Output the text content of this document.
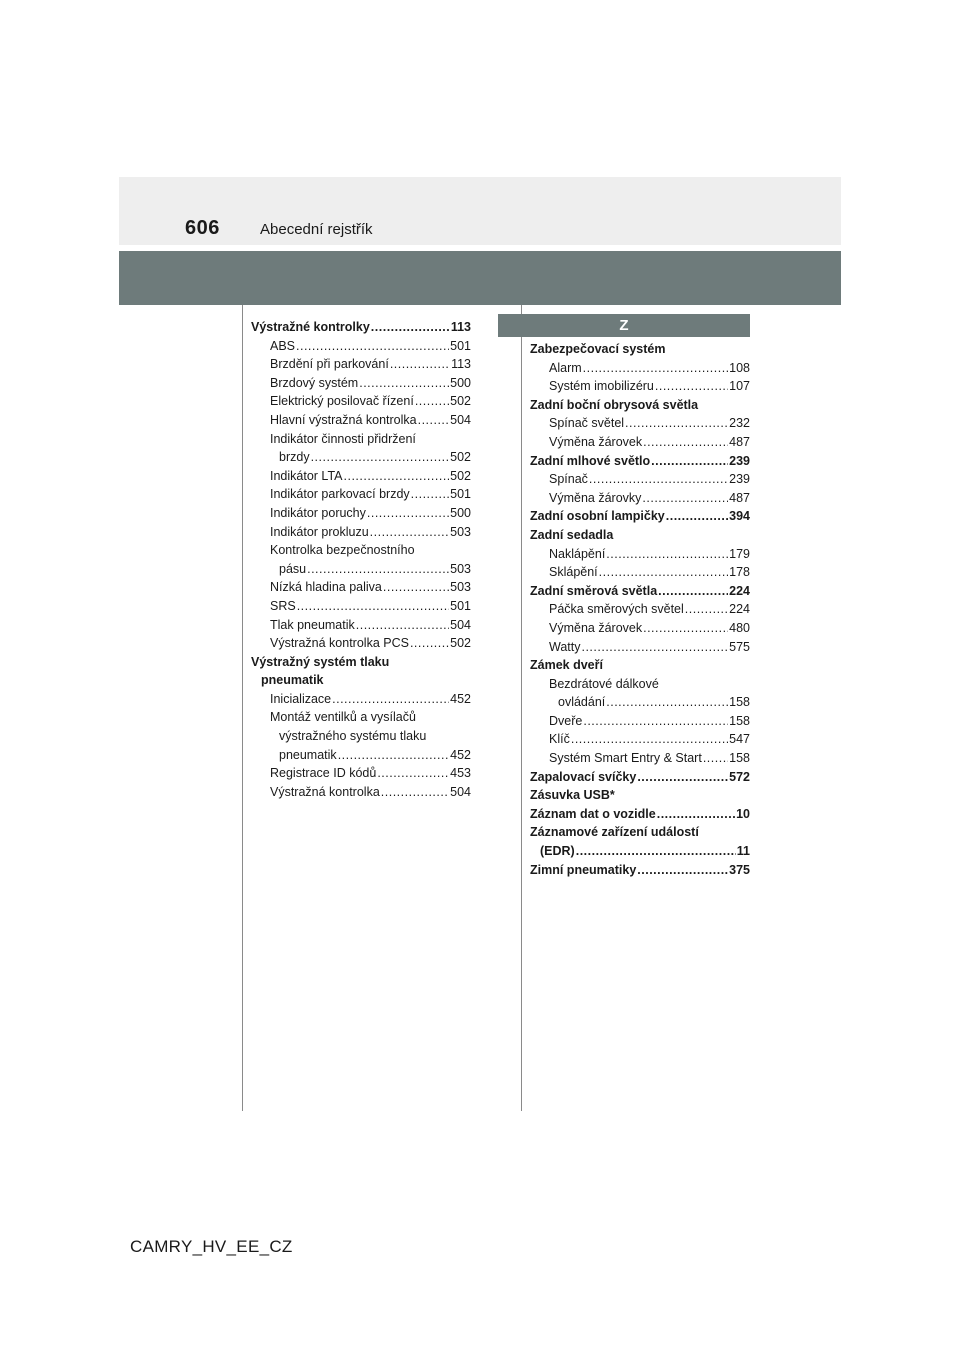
606	Abecední rejstřík
Výstražné kontrolky .....	113
ABS .....	501
Brzdění při parkování .....	113
Brzdový systém .....	500
Elektrický posilovač řízení .....	502
Hlavní výstražná kontrolka .....	504
Indikátor činnosti přidržení
brzdy .....	502
Indikátor LTA .....	502
Indikátor parkovací brzdy .....	501
Indikátor poruchy .....	500
Indikátor prokluzu .....	503
Kontrolka bezpečnostního
pásu .....	503
Nízká hladina paliva .....	503
SRS .....	501
Tlak pneumatik .....	504
Výstražná kontrolka PCS .....	502
Výstražný systém tlaku
pneumatik
Inicializace .....	452
Montáž ventilků a vysílačů
výstražného systému tlaku
pneumatik .....	452
Registrace ID kódů .....	453
Výstražná kontrolka .....	504
Z
Zabezpečovací systém
Alarm .....	108
Systém imobilizéru .....	107
Zadní boční obrysová světla
Spínač světel .....	232
Výměna žárovek .....	487
Zadní mlhové světlo .....	239
Spínač .....	239
Výměna žárovky .....	487
Zadní osobní lampičky .....	394
Zadní sedadla
Naklápění .....	179
Sklápění .....	178
Zadní směrová světla .....	224
Páčka směrových světel .....	224
Výměna žárovek .....	480
Watty .....	575
Zámek dveří
Bezdrátové dálkové
ovládání .....	158
Dveře .....	158
Klíč .....	547
Systém Smart Entry & Start ..... 158
Zapalovací svíčky .....	572
Zásuvka USB*
Záznam dat o vozidle .....	10
Záznamové zařízení událostí
(EDR) .....	11
Zimní pneumatiky .....	375
CAMRY_HV_EE_CZ
